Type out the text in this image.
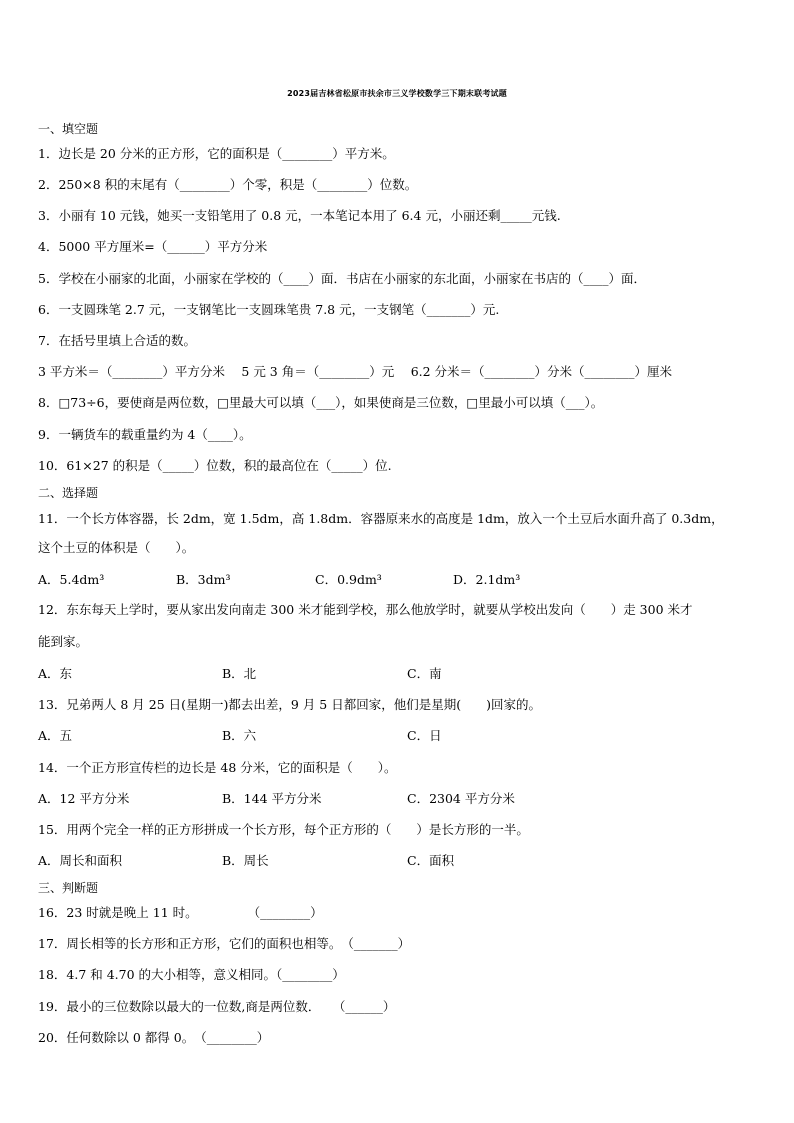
2023届吉林省松原市扶余市三义学校数学三下期末联考试题
一、填空题
1．边长是 20 分米的正方形，它的面积是（________）平方米。
2．250×8 积的末尾有（________）个零，积是（________）位数。
3．小丽有 10 元钱，她买一支铅笔用了 0.8 元，一本笔记本用了 6.4 元，小丽还剩_____元钱.
4．5000 平方厘米=（______）平方分米
5．学校在小丽家的北面，小丽家在学校的（____）面．书店在小丽家的东北面，小丽家在书店的（____）面．
6．一支圆珠笔 2.7 元，一支钢笔比一支圆珠笔贵 7.8 元，一支钢笔（_______）元.
7．在括号里填上合适的数。
3 平方米＝（________）平方分米　 5 元 3 角＝（________）元　 6.2 分米＝（________）分米（________）厘米
8．□73÷6，要使商是两位数，□里最大可以填（___），如果使商是三位数，□里最小可以填（___）。
9．一辆货车的载重量约为 4（____）。
10．61×27 的积是（_____）位数，积的最高位在（_____）位.
二、选择题
11．一个长方体容器，长 2dm，宽 1.5dm，高 1.8dm．容器原来水的高度是 1dm，放入一个土豆后水面升高了 0.3dm，
这个土豆的体积是（　　）。
A．5.4dm³	B．3dm³	C．0.9dm³	D．2.1dm³
12．东东每天上学时，要从家出发向南走 300 米才能到学校，那么他放学时，就要从学校出发向（　　）走 300 米才
能到家。
A．东	B．北	C．南
13．兄弟两人 8 月 25 日(星期一)都去出差，9 月 5 日都回家，他们是星期(　　)回家的。
A．五	B．六	C．日
14．一个正方形宣传栏的边长是 48 分米，它的面积是（　　）。
A．12 平方分米	B．144 平方分米	C．2304 平方分米
15．用两个完全一样的正方形拼成一个长方形，每个正方形的（　　）是长方形的一半。
A．周长和面积	B．周长	C．面积
三、判断题
16．23 时就是晚上 11 时。　　　　　（________）
17．周长相等的长方形和正方形，它们的面积也相等。　（_______）
18．4.7 和 4.70 的大小相等，意义相同。（________）
19．最小的三位数除以最大的一位数,商是两位数．　　（______）
20．任何数除以 0 都得 0。　（________）
